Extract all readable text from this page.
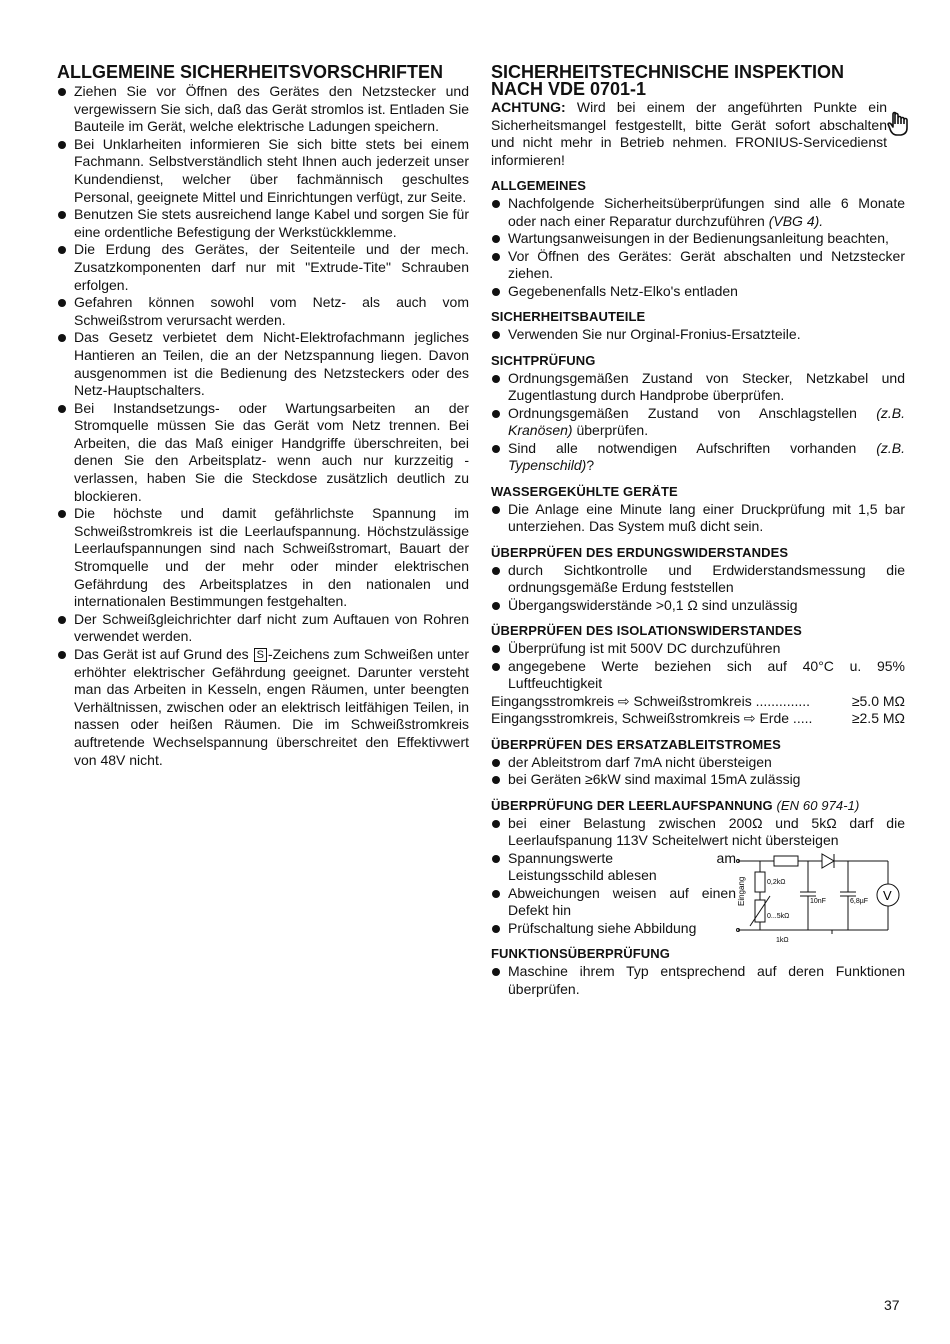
ALLGEMEINE SICHERHEITSVORSCHRIFTEN
Ziehen Sie vor Öffnen des Gerätes den Netzstecker und vergewissern Sie sich, daß das Gerät stromlos ist. Entladen Sie Bauteile im Gerät, welche elektrische Ladungen speichern.
Bei Unklarheiten informieren Sie sich bitte stets bei einem Fachmann. Selbstverständlich steht Ihnen auch jederzeit unser Kundendienst, welcher über fachmännisch geschultes Personal, geeignete Mittel und Einrichtungen verfügt, zur Seite.
Benutzen Sie stets ausreichend lange Kabel und sorgen Sie für eine ordentliche Befestigung der Werkstückklemme.
Die Erdung des Gerätes, der Seitenteile und der mech. Zusatzkomponenten darf nur mit "Extrude-Tite" Schrauben erfolgen.
Gefahren können sowohl vom Netz- als auch vom Schweißstrom verursacht werden.
Das Gesetz verbietet dem Nicht-Elektrofachmann jegliches Hantieren an Teilen, die an der Netzspannung liegen. Davon ausgenommen ist die Bedienung des Netzsteckers oder des Netz-Hauptschalters.
Bei Instandsetzungs- oder Wartungsarbeiten an der Stromquelle müssen Sie das Gerät vom Netz trennen. Bei Arbeiten, die das Maß einiger Handgriffe überschreiten, bei denen Sie den Arbeitsplatz- wenn auch nur kurzzeitig - verlassen, haben Sie die Steckdose zusätzlich deutlich zu blockieren.
Die höchste und damit gefährlichste Spannung im Schweißstromkreis ist die Leerlaufspannung. Höchstzulässige Leerlaufspannungen sind nach Schweißstromart, Bauart der Stromquelle und der mehr oder minder elektrischen Gefährdung des Arbeitsplatzes in den nationalen und internationalen Bestimmungen festgehalten.
Der Schweißgleichrichter darf nicht zum Auftauen von Rohren verwendet werden.
Das Gerät ist auf Grund des S -Zeichens zum Schweißen unter erhöhter elektrischer Gefährdung geeignet. Darunter versteht man das Arbeiten in Kesseln, engen Räumen, unter beengten Verhältnissen, zwischen oder an elektrisch leitfähigen Teilen, in nassen oder heißen Räumen. Die im Schweißstromkreis auftretende Wechselspannung überschreitet den Effektivwert von 48V nicht.
SICHERHEITSTECHNISCHE INSPEKTION
NACH VDE 0701-1

ACHTUNG: Wird bei einem der angeführten Punkte ein Sicherheitsmangel festgestellt, bitte Gerät sofort abschalten und nicht mehr in Betrieb nehmen. FRONIUS-Servicedienst informieren!

ALLGEMEINES
Nachfolgende Sicherheitsüberprüfungen sind alle 6 Monate oder nach einer Reparatur durchzuführen (VBG 4).
Wartungsanweisungen in der Bedienungsanleitung beachten,
Vor Öffnen des Gerätes: Gerät abschalten und Netzstecker ziehen.
Gegebenenfalls Netz-Elko's entladen
SICHERHEITSBAUTEILE
Verwenden Sie nur Orginal-Fronius-Ersatzteile.
SICHTPRÜFUNG
Ordnungsgemäßen Zustand von Stecker, Netzkabel und Zugentlastung durch Handprobe überprüfen.
Ordnungsgemäßen Zustand von Anschlagstellen (z.B. Kranösen) überprüfen.
Sind alle notwendigen Aufschriften vorhanden (z.B. Typenschild)?
WASSERGEKÜHLTE GERÄTE
Die Anlage eine Minute lang einer Druckprüfung mit 1,5 bar unterziehen. Das System muß dicht sein.
ÜBERPRÜFEN DES ERDUNGSWIDERSTANDES
durch Sichtkontrolle und Erdwiderstandsmessung die ordnungsgemäße Erdung feststellen
Übergangswiderstände >0,1 Ω sind unzulässig
ÜBERPRÜFEN DES ISOLATIONSWIDERSTANDES
Überprüfung ist mit 500V DC durchzuführen
angegebene Werte beziehen sich auf 40°C u. 95% Luftfeuchtigkeit

Eingangsstromkreis ⇨ Schweißstromkreis ..............	≥5.0 MΩ

Eingangsstromkreis, Schweißstromkreis ⇨ Erde .....	≥2.5 MΩ

ÜBERPRÜFEN DES ERSATZABLEITSTROMES
der Ableitstrom darf 7mA nicht übersteigen
bei Geräten ≥6kW sind maximal 15mA zulässig
ÜBERPRÜFUNG DER LEERLAUFSPANNUNG (EN 60 974-1)
bei einer Belastung zwischen 200Ω und 5kΩ darf die Leerlaufspanung 113V Scheitelwert nicht übersteigen
Spannungswerte am Leistungsschild ablesen
Abweichungen weisen auf einen Defekt hin
Prüfschaltung siehe Abbildung
Eingang	0,2kΩ
0...5kΩ
1kΩ
10nF	6,8µF V
FUNKTIONSÜBERPRÜFUNG
Maschine ihrem Typ entsprechend auf deren Funktionen überprüfen.
37
